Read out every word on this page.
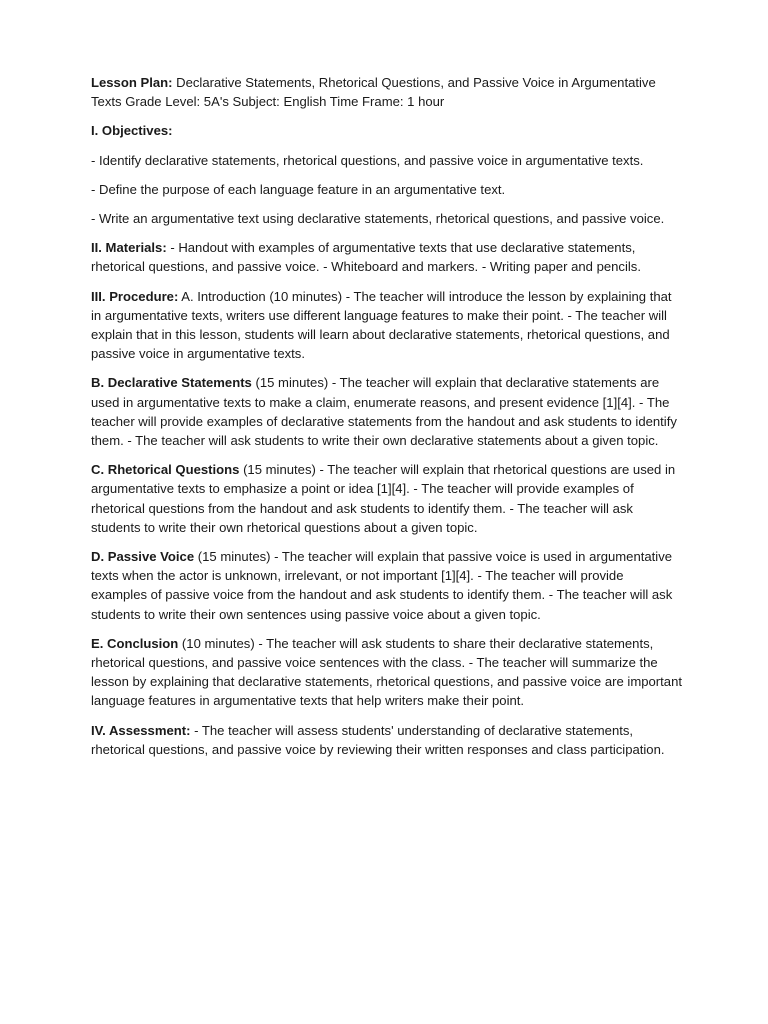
Lesson Plan: Declarative Statements, Rhetorical Questions, and Passive Voice in Argumentative Texts Grade Level: 5A's Subject: English Time Frame: 1 hour

I. Objectives:

- Identify declarative statements, rhetorical questions, and passive voice in argumentative texts.

- Define the purpose of each language feature in an argumentative text.

- Write an argumentative text using declarative statements, rhetorical questions, and passive voice.

II. Materials: - Handout with examples of argumentative texts that use declarative statements, rhetorical questions, and passive voice. - Whiteboard and markers. - Writing paper and pencils.

III. Procedure: A. Introduction (10 minutes) - The teacher will introduce the lesson by explaining that in argumentative texts, writers use different language features to make their point. - The teacher will explain that in this lesson, students will learn about declarative statements, rhetorical questions, and passive voice in argumentative texts.

B. Declarative Statements (15 minutes) - The teacher will explain that declarative statements are used in argumentative texts to make a claim, enumerate reasons, and present evidence [1][4]. - The teacher will provide examples of declarative statements from the handout and ask students to identify them. - The teacher will ask students to write their own declarative statements about a given topic.

C. Rhetorical Questions (15 minutes) - The teacher will explain that rhetorical questions are used in argumentative texts to emphasize a point or idea [1][4]. - The teacher will provide examples of rhetorical questions from the handout and ask students to identify them. - The teacher will ask students to write their own rhetorical questions about a given topic.

D. Passive Voice (15 minutes) - The teacher will explain that passive voice is used in argumentative texts when the actor is unknown, irrelevant, or not important [1][4]. - The teacher will provide examples of passive voice from the handout and ask students to identify them. - The teacher will ask students to write their own sentences using passive voice about a given topic.

E. Conclusion (10 minutes) - The teacher will ask students to share their declarative statements, rhetorical questions, and passive voice sentences with the class. - The teacher will summarize the lesson by explaining that declarative statements, rhetorical questions, and passive voice are important language features in argumentative texts that help writers make their point.

IV. Assessment: - The teacher will assess students' understanding of declarative statements, rhetorical questions, and passive voice by reviewing their written responses and class participation.
